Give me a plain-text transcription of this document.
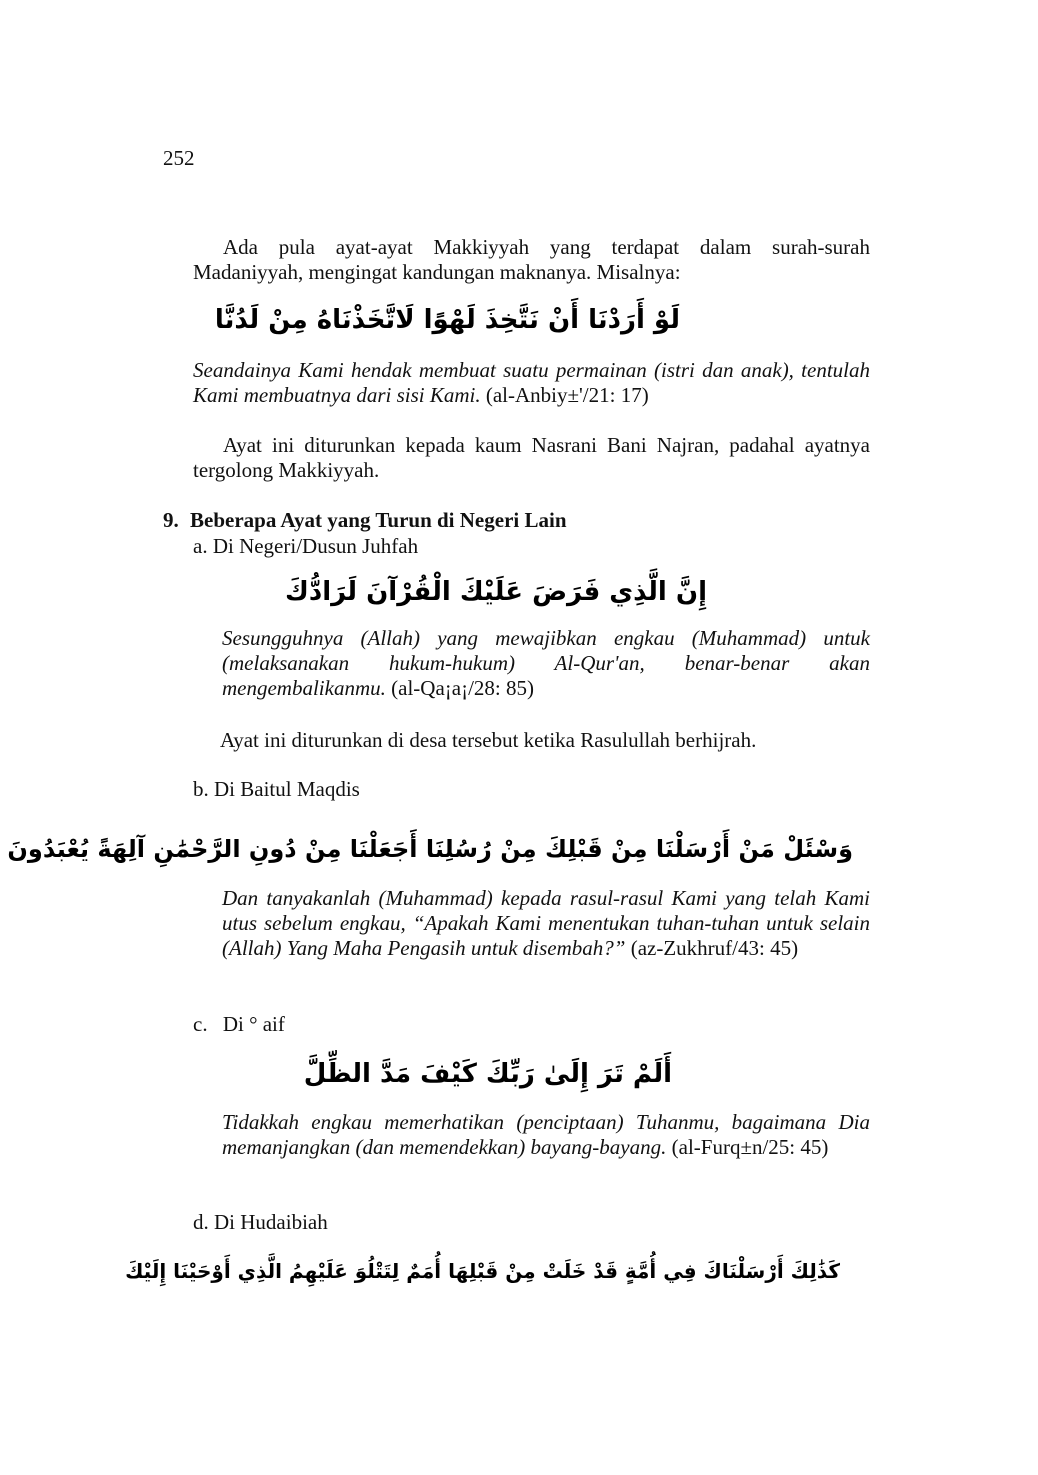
252
Ada pula ayat-ayat Makkiyyah yang terdapat dalam surah-surah Madaniyyah, mengingat kandungan maknanya. Misalnya:
لَوْ أَرَدْنَا أَنْ نَتَّخِذَ لَهْوًا لَاتَّخَذْنَاهُ مِنْ لَدُنَّا
Seandainya Kami hendak membuat suatu permainan (istri dan anak), tentulah Kami membuatnya dari sisi Kami. (al-Anbiy±'/21: 17)
Ayat ini diturunkan kepada kaum Nasrani Bani Najran, padahal ayatnya tergolong Makkiyyah.
9. Beberapa Ayat yang Turun di Negeri Lain
a. Di Negeri/Dusun Juhfah
إِنَّ الَّذِي فَرَضَ عَلَيْكَ الْقُرْآنَ لَرَادُّكَ
Sesungguhnya (Allah) yang mewajibkan engkau (Muhammad) untuk (melaksanakan hukum-hukum) Al-Qur'an, benar-benar akan mengembalikanmu. (al-Qa¡a¡/28: 85)
Ayat ini diturunkan di desa tersebut ketika Rasulullah berhijrah.
b. Di Baitul Maqdis
وَسْئَلْ مَنْ أَرْسَلْنَا مِنْ قَبْلِكَ مِنْ رُسُلِنَا أَجَعَلْنَا مِنْ دُونِ الرَّحْمَٰنِ آلِهَةً يُعْبَدُونَ
Dan tanyakanlah (Muhammad) kepada rasul-rasul Kami yang telah Kami utus sebelum engkau, “Apakah Kami menentukan tuhan-tuhan untuk selain (Allah) Yang Maha Pengasih untuk disembah?” (az-Zukhruf/43: 45)
c. Di ° aif
أَلَمْ تَرَ إِلَىٰ رَبِّكَ كَيْفَ مَدَّ الظِّلَّ
Tidakkah engkau memerhatikan (penciptaan) Tuhanmu, bagaimana Dia memanjangkan (dan memendekkan) bayang-bayang. (al-Furq±n/25: 45)
d. Di Hudaibiah
كَذَٰلِكَ أَرْسَلْنَاكَ فِي أُمَّةٍ قَدْ خَلَتْ مِنْ قَبْلِهَا أُمَمٌ لِتَتْلُوَ عَلَيْهِمُ الَّذِي أَوْحَيْنَا إِلَيْكَ
